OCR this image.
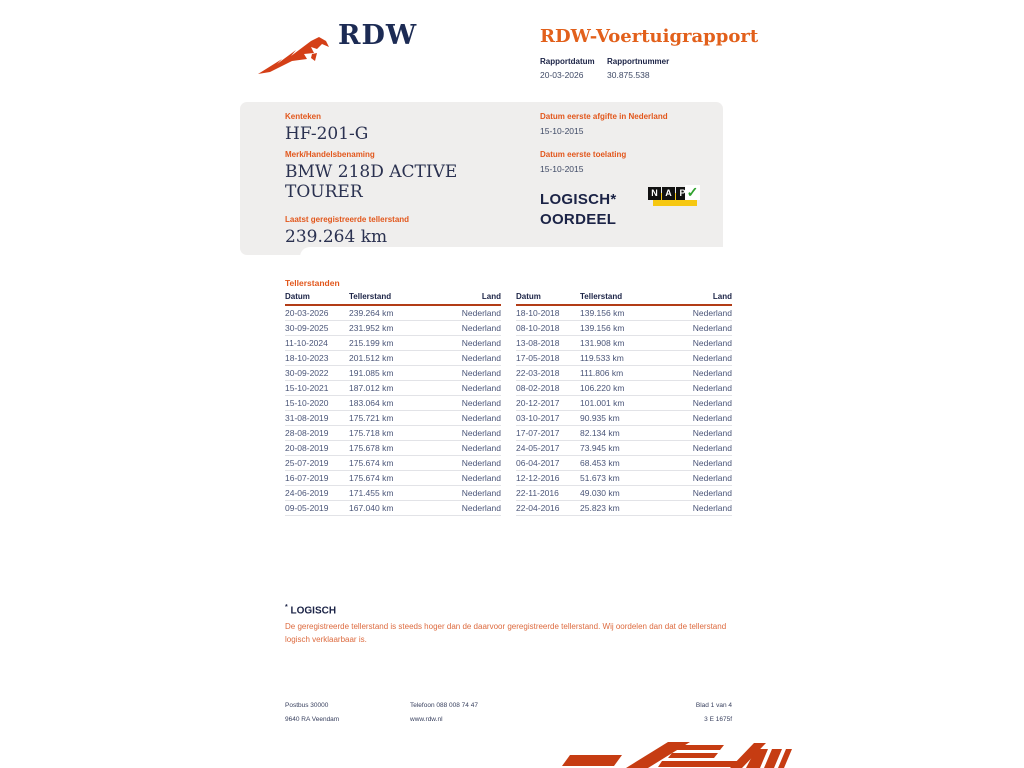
RDW	RDW-Voertuigrapport
Rapportdatum
20-03-2026
Rapportnummer
30.875.538
Kenteken
HF-201-G
Merk/Handelsbenaming
BMW 218D ACTIVE TOURER
Laatst geregistreerde tellerstand
239.264 km
Datum eerste afgifte in Nederland
15-10-2015
Datum eerste toelating
15-10-2015
LOGISCH*
OORDEEL
N A P ✓
Tellerstanden
Datum	Tellerstand	Land
20-03-2026	239.264 km	Nederland
30-09-2025	231.952 km	Nederland
11-10-2024	215.199 km	Nederland
18-10-2023	201.512 km	Nederland
30-09-2022	191.085 km	Nederland
15-10-2021	187.012 km	Nederland
15-10-2020	183.064 km	Nederland
31-08-2019	175.721 km	Nederland
28-08-2019	175.718 km	Nederland
20-08-2019	175.678 km	Nederland
25-07-2019	175.674 km	Nederland
16-07-2019	175.674 km	Nederland
24-06-2019	171.455 km	Nederland
09-05-2019	167.040 km	Nederland
Datum	Tellerstand	Land
18-10-2018	139.156 km	Nederland
08-10-2018	139.156 km	Nederland
13-08-2018	131.908 km	Nederland
17-05-2018	119.533 km	Nederland
22-03-2018	111.806 km	Nederland
08-02-2018	106.220 km	Nederland
20-12-2017	101.001 km	Nederland
03-10-2017	90.935 km	Nederland
17-07-2017	82.134 km	Nederland
24-05-2017	73.945 km	Nederland
06-04-2017	68.453 km	Nederland
12-12-2016	51.673 km	Nederland
22-11-2016	49.030 km	Nederland
22-04-2016	25.823 km	Nederland
* LOGISCH
De geregistreerde tellerstand is steeds hoger dan de daarvoor geregistreerde tellerstand. Wij oordelen dan dat de tellerstand logisch verklaarbaar is.
Postbus 30000
9640 RA Veendam
Telefoon 088 008 74 47
www.rdw.nl
Blad 1 van 4
3 E 1675f
